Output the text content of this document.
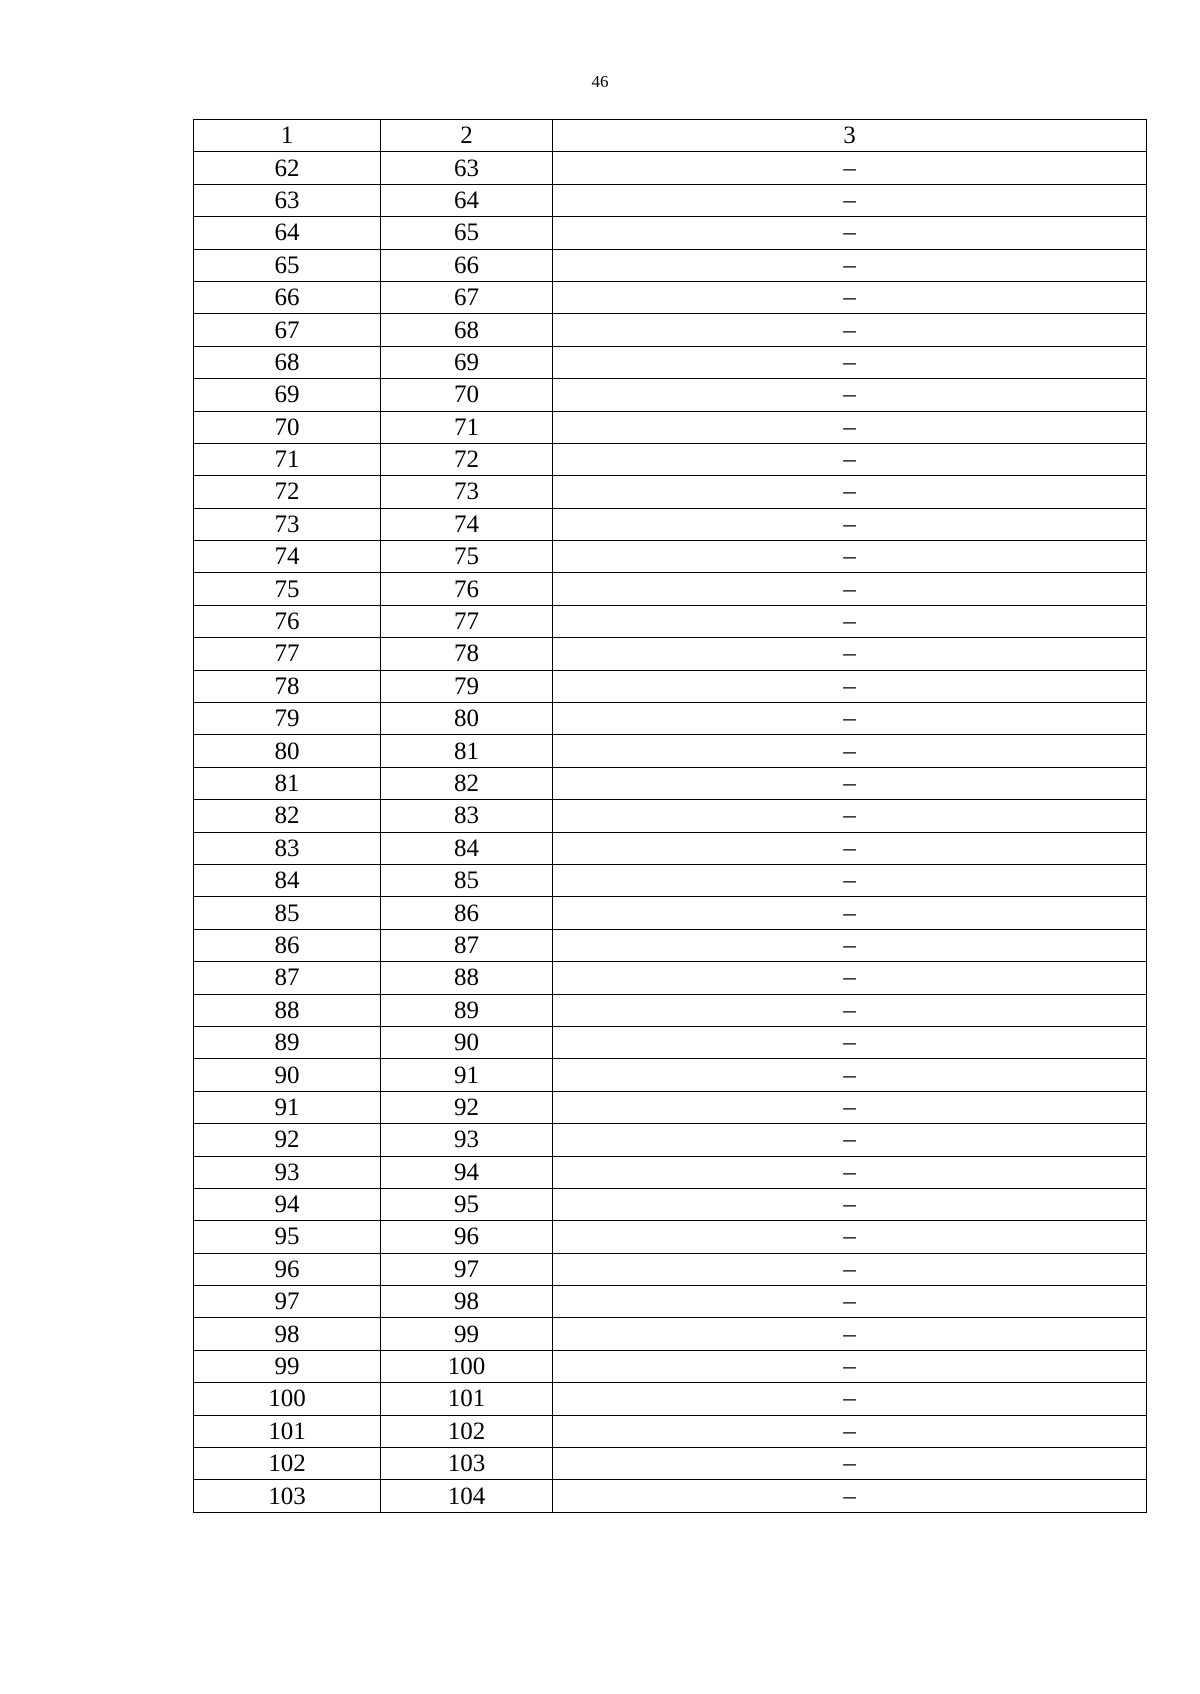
46
1	2	3
62	63	–
63	64	–
64	65	–
65	66	–
66	67	–
67	68	–
68	69	–
69	70	–
70	71	–
71	72	–
72	73	–
73	74	–
74	75	–
75	76	–
76	77	–
77	78	–
78	79	–
79	80	–
80	81	–
81	82	–
82	83	–
83	84	–
84	85	–
85	86	–
86	87	–
87	88	–
88	89	–
89	90	–
90	91	–
91	92	–
92	93	–
93	94	–
94	95	–
95	96	–
96	97	–
97	98	–
98	99	–
99	100	–
100	101	–
101	102	–
102	103	–
103	104	–
